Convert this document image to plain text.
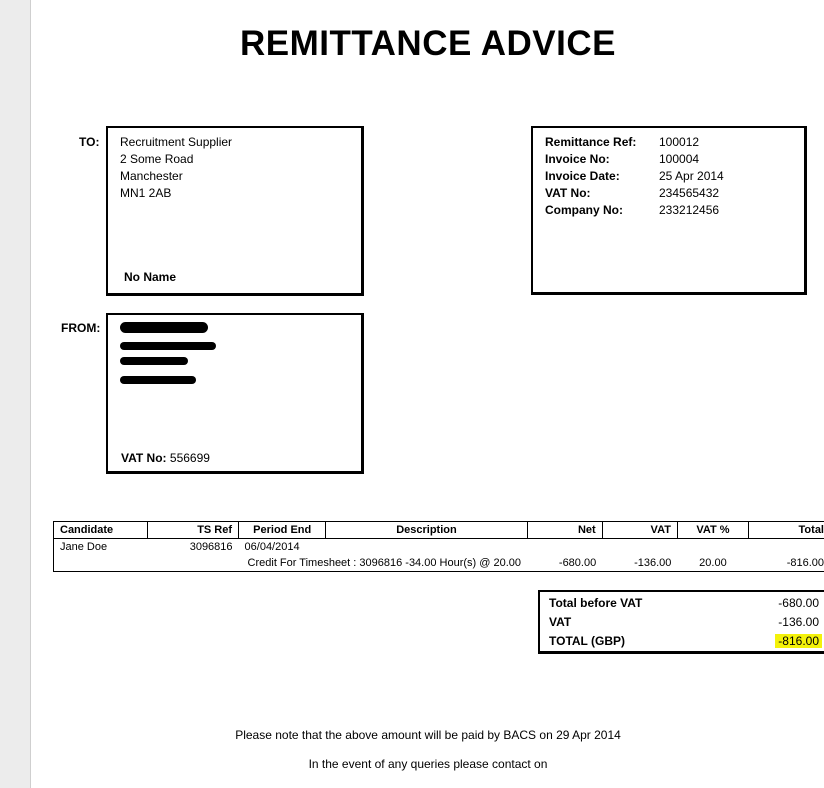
REMITTANCE ADVICE
TO: Recruitment Supplier
2 Some Road
Manchester
MN1 2AB
No Name
Remittance Ref: 100012
Invoice No:	100004
Invoice Date:	25 Apr 2014
VAT No:	234565432
Company No:	233212456
FROM:
VAT No: 556699
Candidate	TS Ref	Period End	Description	Net	VAT	VAT %	Total
Jane Doe	3096816	06/04/2014					
		Credit For Timesheet : 3096816 -34.00 Hour(s) @ 20.00		-680.00	-136.00	20.00	-816.00
Total before VAT	-680.00
VAT	-136.00
TOTAL (GBP)	-816.00
Please note that the above amount will be paid by BACS on 29 Apr 2014
In the event of any queries please contact on
